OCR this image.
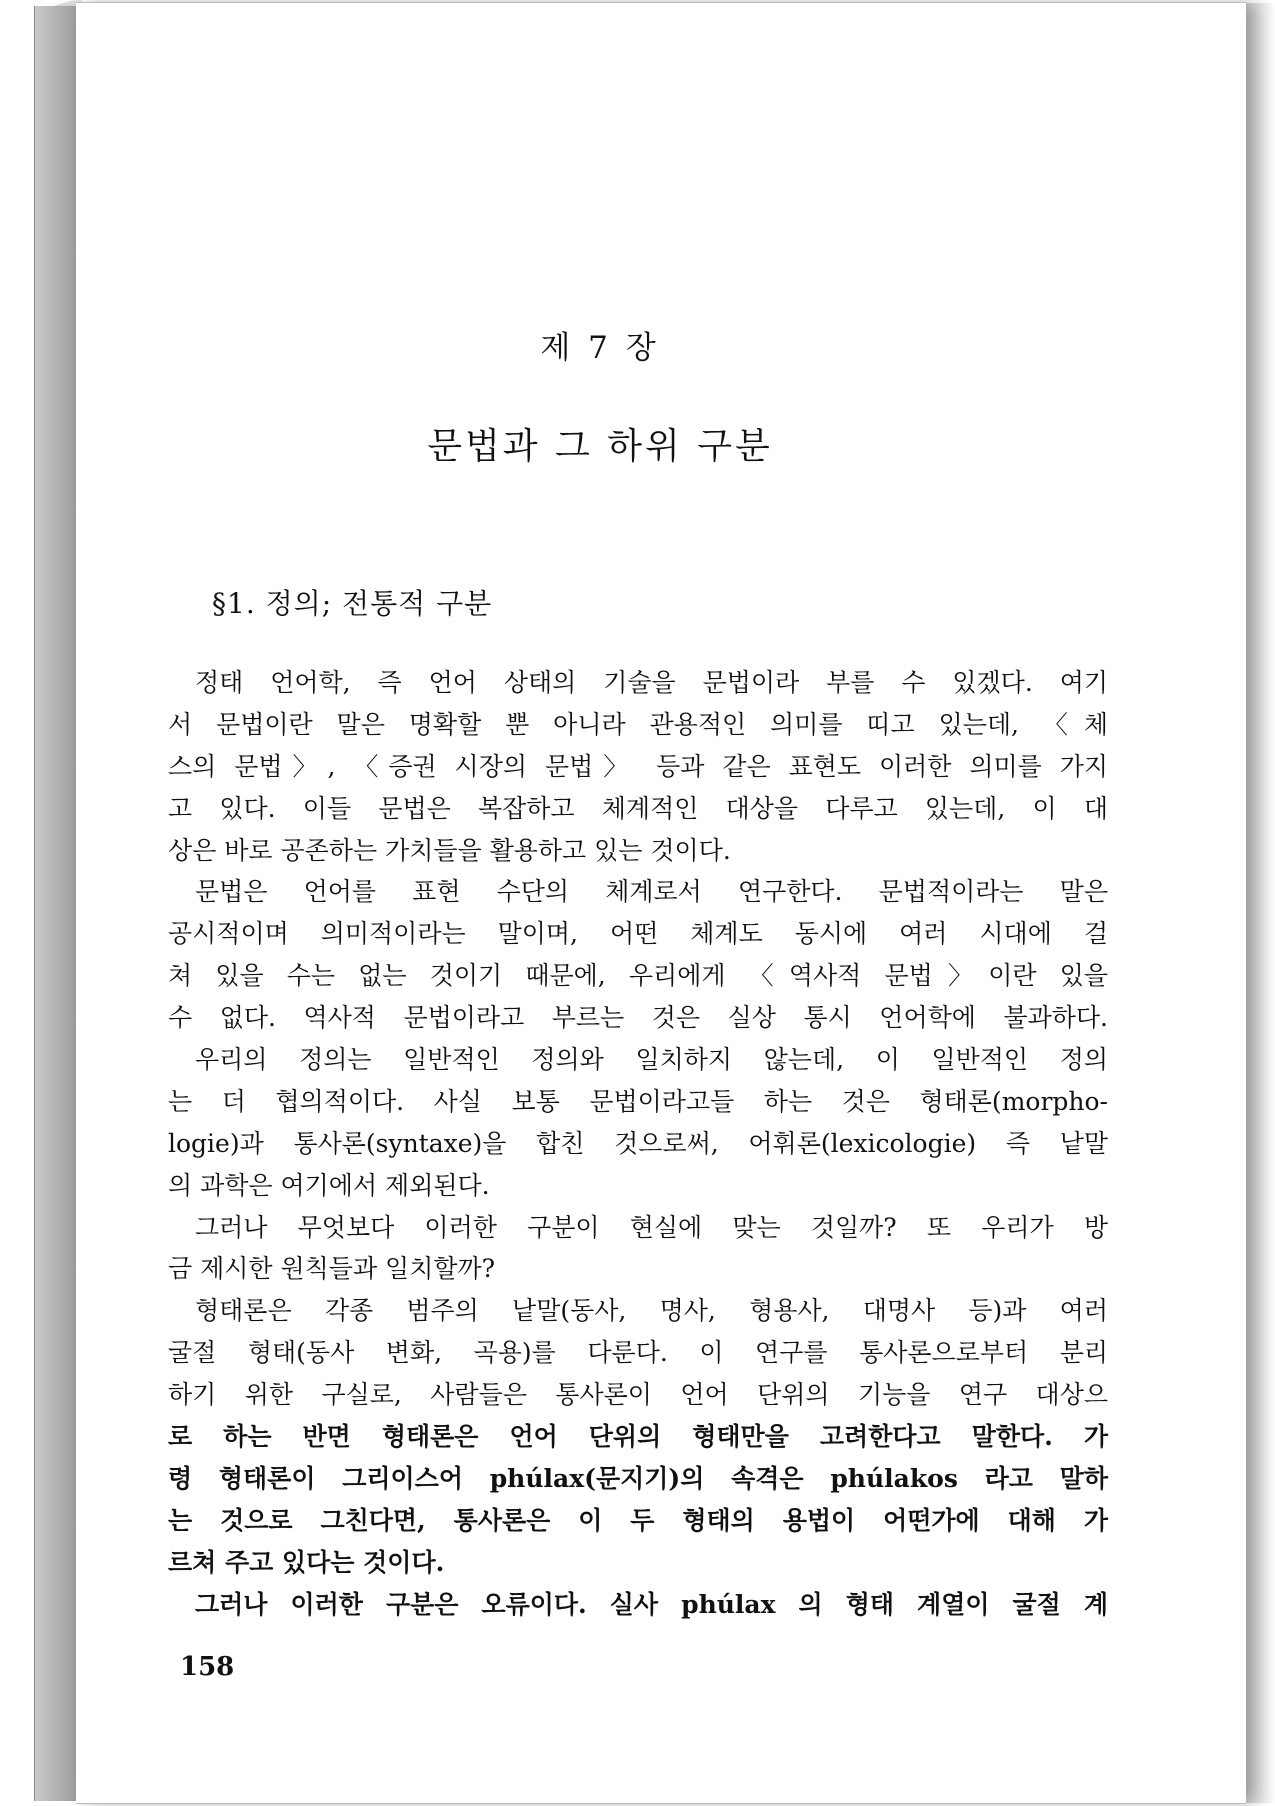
제 7 장
문법과 그 하위 구분
§1. 정의; 전통적 구분
정태 언어학, 즉 언어 상태의 기술을 문법이라 부를 수 있겠다. 여기
서 문법이란 말은 명확할 뿐 아니라 관용적인 의미를 띠고 있는데, 〈체
스의 문법〉, 〈증권 시장의 문법〉 등과 같은 표현도 이러한 의미를 가지
고 있다. 이들 문법은 복잡하고 체계적인 대상을 다루고 있는데, 이 대
상은 바로 공존하는 가치들을 활용하고 있는 것이다.
문법은 언어를 표현 수단의 체계로서 연구한다. 문법적이라는 말은
공시적이며 의미적이라는 말이며, 어떤 체계도 동시에 여러 시대에 걸
쳐 있을 수는 없는 것이기 때문에, 우리에게 〈역사적 문법〉이란 있을
수 없다. 역사적 문법이라고 부르는 것은 실상 통시 언어학에 불과하다.
우리의 정의는 일반적인 정의와 일치하지 않는데, 이 일반적인 정의
는 더 협의적이다. 사실 보통 문법이라고들 하는 것은 형태론(morpho-
logie)과 통사론(syntaxe)을 합친 것으로써, 어휘론(lexicologie) 즉 낱말
의 과학은 여기에서 제외된다.
그러나 무엇보다 이러한 구분이 현실에 맞는 것일까? 또 우리가 방
금 제시한 원칙들과 일치할까?
형태론은 각종 범주의 낱말(동사, 명사, 형용사, 대명사 등)과 여러
굴절 형태(동사 변화, 곡용)를 다룬다. 이 연구를 통사론으로부터 분리
하기 위한 구실로, 사람들은 통사론이 언어 단위의 기능을 연구 대상으
로 하는 반면 형태론은 언어 단위의 형태만을 고려한다고 말한다. 가
령 형태론이 그리이스어 phúlax(문지기)의 속격은 phúlakos 라고 말하
는 것으로 그친다면, 통사론은 이 두 형태의 용법이 어떤가에 대해 가
르쳐 주고 있다는 것이다.
그러나 이러한 구분은 오류이다. 실사 phúlax 의 형태 계열이 굴절 계
158
